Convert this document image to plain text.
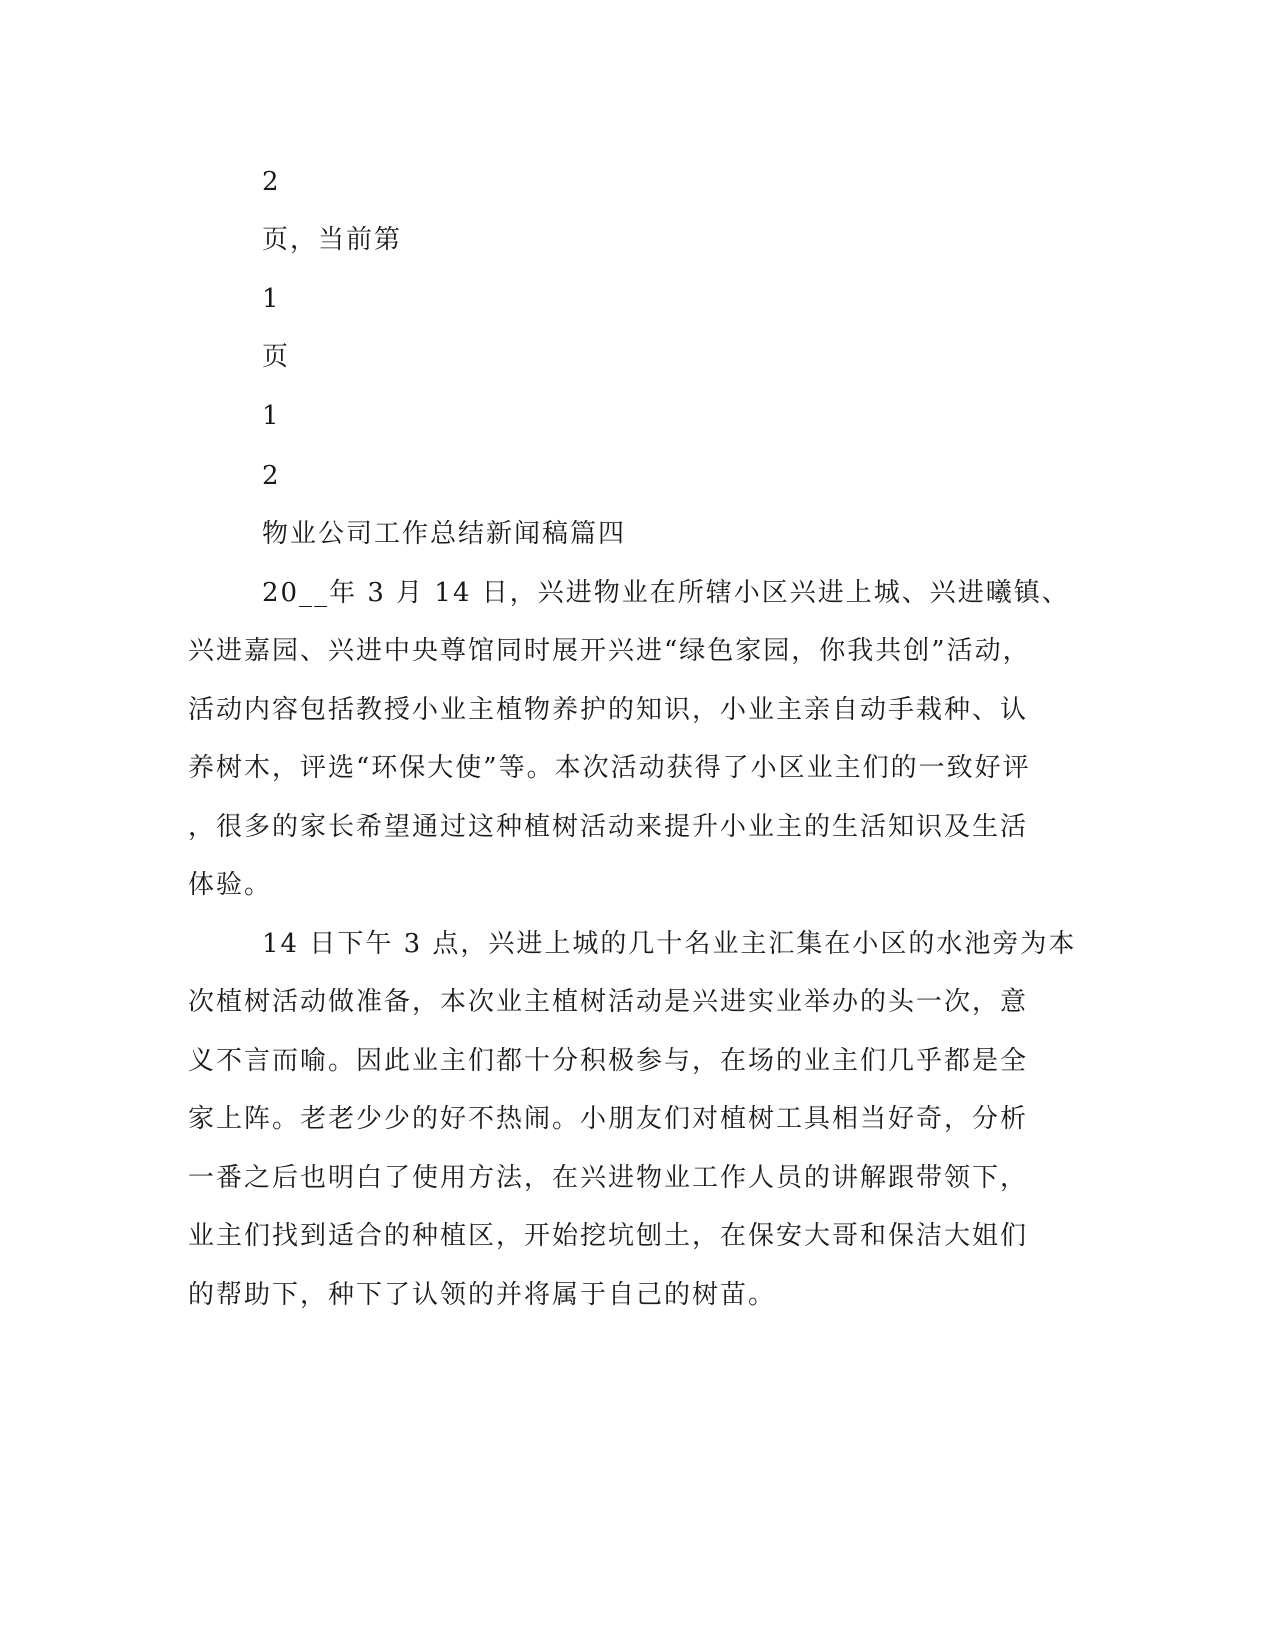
2
页，当前第
1
页
1
2
物业公司工作总结新闻稿篇四
20__年 3 月 14 日，兴进物业在所辖小区兴进上城、兴进曦镇、
兴进嘉园、兴进中央尊馆同时展开兴进“绿色家园，你我共创”活动，
活动内容包括教授小业主植物养护的知识，小业主亲自动手栽种、认
养树木，评选“环保大使”等。本次活动获得了小区业主们的一致好评
，很多的家长希望通过这种植树活动来提升小业主的生活知识及生活
体验。
14 日下午 3 点，兴进上城的几十名业主汇集在小区的水池旁为本
次植树活动做准备，本次业主植树活动是兴进实业举办的头一次，意
义不言而喻。因此业主们都十分积极参与，在场的业主们几乎都是全
家上阵。老老少少的好不热闹。小朋友们对植树工具相当好奇，分析
一番之后也明白了使用方法，在兴进物业工作人员的讲解跟带领下，
业主们找到适合的种植区，开始挖坑刨土，在保安大哥和保洁大姐们
的帮助下，种下了认领的并将属于自己的树苗。
